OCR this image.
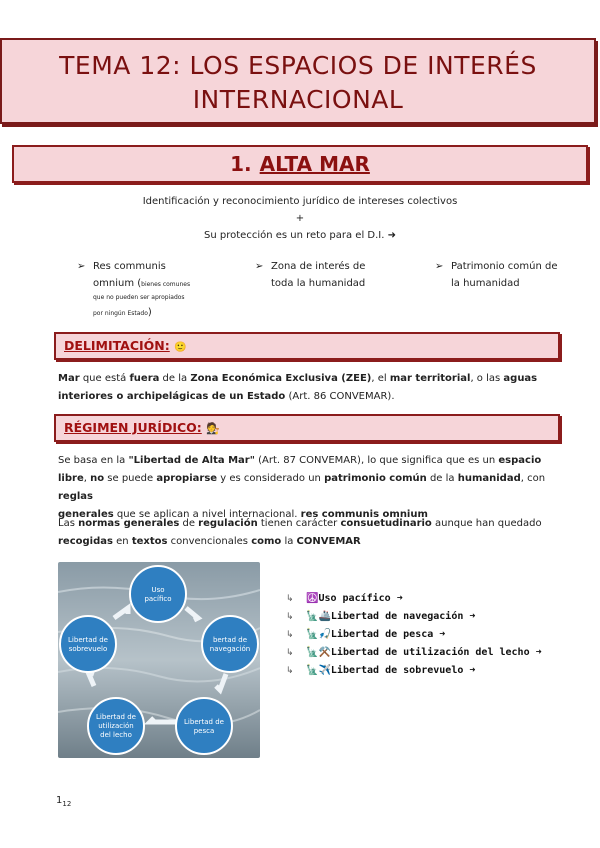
TEMA 12: LOS ESPACIOS DE INTERÉS
INTERNACIONAL
1. ALTA MAR
Identificación y reconocimiento jurídico de intereses colectivos
+
Su protección es un reto para el D.I. ➜
➢ Res communis
omnium (bienes comunes
que no pueden ser apropiados
por ningún Estado)
➢ Zona de interés de
toda la humanidad
➢ Patrimonio común de
la humanidad
DELIMITACIÓN: 🙂
Mar que está fuera de la Zona Económica Exclusiva (ZEE), el mar territorial, o las aguas
interiores o archipelágicas de un Estado (Art. 86 CONVEMAR).
RÉGIMEN JURÍDICO: 🧑‍⚖️
Se basa en la "Libertad de Alta Mar" (Art. 87 CONVEMAR), lo que significa que es un espacio
libre, no se puede apropiarse y es considerado un patrimonio común de la humanidad, con reglas
generales que se aplican a nivel internacional. res communis omnium
Las normas generales de regulación tienen carácter consuetudinario aunque han quedado
recogidas en textos convencionales como la CONVEMAR
Uso
pacífico
bertad de
navegación
Libertad de
pesca
Libertad de
utilización
del lecho
Libertad de
sobrevuelo
↳ ☮️Uso pacífico ➜
↳ 🗽🚢Libertad de navegación ➜
↳ 🗽🎣Libertad de pesca ➜
↳ 🗽⚒️Libertad de utilización del lecho ➜
↳ 🗽✈️Libertad de sobrevuelo ➜
$1_{12}$
